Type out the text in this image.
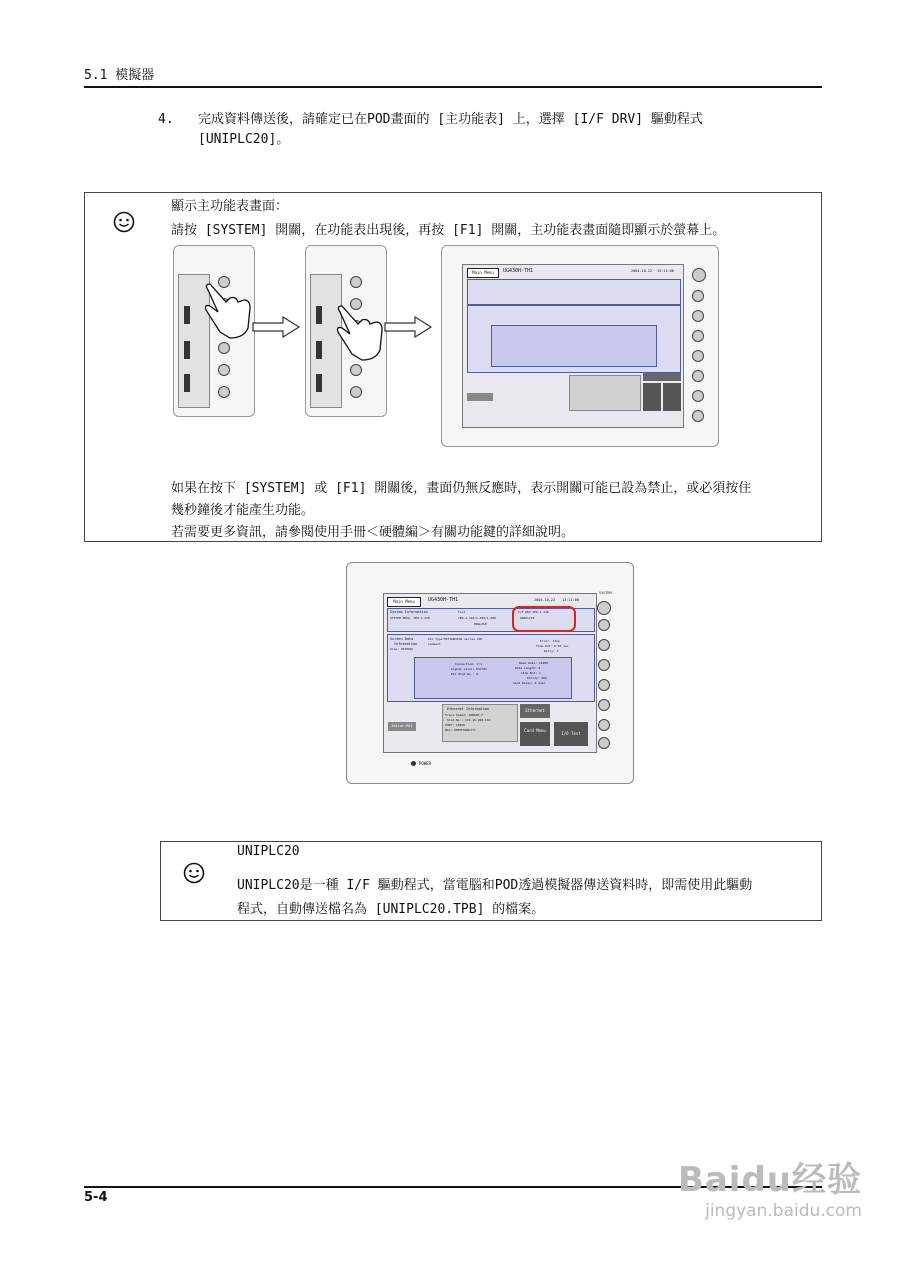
5.1 模擬器
4. 完成資料傳送後，請確定已在POD畫面的 [主功能表] 上，選擇 [I/F DRV] 驅動程式
[UNIPLC20]。
顯示主功能表畫面：
請按 [SYSTEM] 開關，在功能表出現後，再按 [F1] 開關，主功能表畫面隨即顯示於螢幕上。
Main Menu	UG430H-TH1	2004-10-22 13:11:00
如果在按下 [SYSTEM] 或 [F1] 開關後，畫面仍無反應時，表示開關可能已設為禁止，或必須按住
幾秒鐘後才能產生功能。
若需要更多資訊，請參閱使用手冊＜硬體編＞有關功能鍵的詳細說明。
Main Menu	UG430H-TH1	2004-10-22 13:11:00
System Information
SYSTEM PROG. VER.1.220
Font
VER.1.320/1.050/1.000
ENGLISH
I/F DRV VER.1.310
UNIPLC20
Screen Data
Information
Size: 997800x
PLC Type:MITSUBISHI series CPU
Comment
Error: Stop
Time-Out: 0.50 sec
Retry: 3
Connection: 1:1
Signal Level: RS232C
PLC Stat.No.: 0
Baud Rate: 19200
Data Length: 8
Stop Bit: 1
Parity: ODD
Send Delay: 0 msec
Ethernet Information
Trans.Speed: 10BASE-T
Stat.No.: 172.16.200.144
PORT: 10000
MAC: 00F0F00AD177
Ethernet
Card Menu
I/O Test
Editor:MJ2
SYSTEM
POWER
UNIPLC20
UNIPLC20是一種 I/F 驅動程式，當電腦和POD透過模擬器傳送資料時，即需使用此驅動
程式，自動傳送檔名為 [UNIPLC20.TPB] 的檔案。
5-4	Baidu经验
jingyan.baidu.com
